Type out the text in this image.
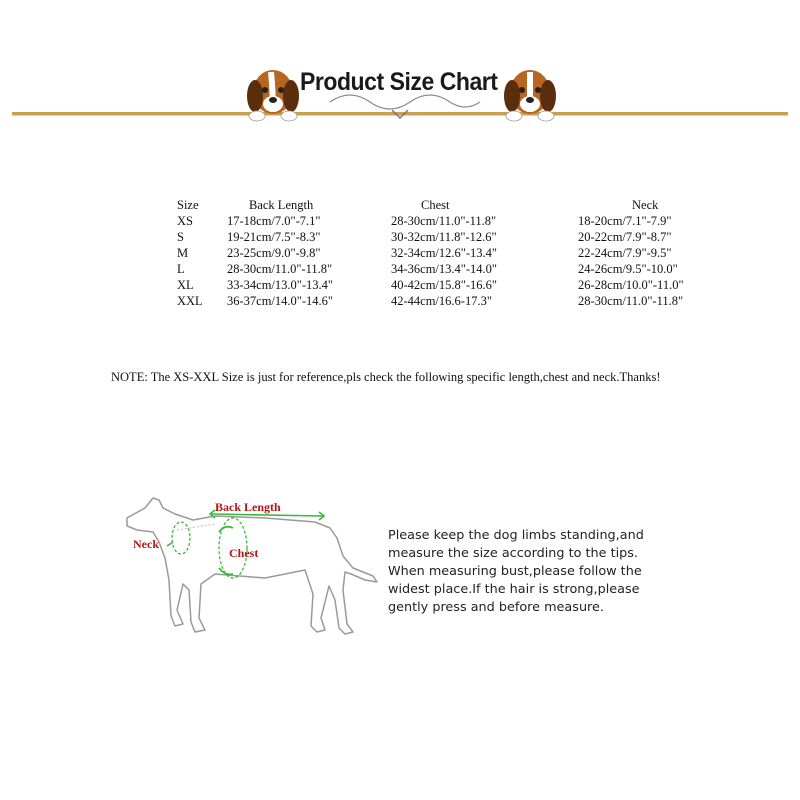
Product Size Chart
Size	Back Length	Chest	Neck
XS	17-18cm/7.0"-7.1"	28-30cm/11.0"-11.8"	18-20cm/7.1"-7.9"
S	19-21cm/7.5"-8.3"	30-32cm/11.8"-12.6"	20-22cm/7.9"-8.7"
M	23-25cm/9.0"-9.8"	32-34cm/12.6"-13.4"	22-24cm/7.9"-9.5"
L	28-30cm/11.0"-11.8"	34-36cm/13.4"-14.0"	24-26cm/9.5"-10.0"
XL	33-34cm/13.0"-13.4"	40-42cm/15.8"-16.6"	26-28cm/10.0"-11.0"
XXL	36-37cm/14.0"-14.6"	42-44cm/16.6-17.3"	28-30cm/11.0"-11.8"
NOTE: The XS-XXL Size is just for reference,pls check the following specific length,chest and neck.Thanks!
Back Length
Neck
Chest
Please keep the dog limbs standing,and
measure the size according to the tips.
When measuring bust,please follow the
widest place.If the hair is strong,please
gently press and before measure.
